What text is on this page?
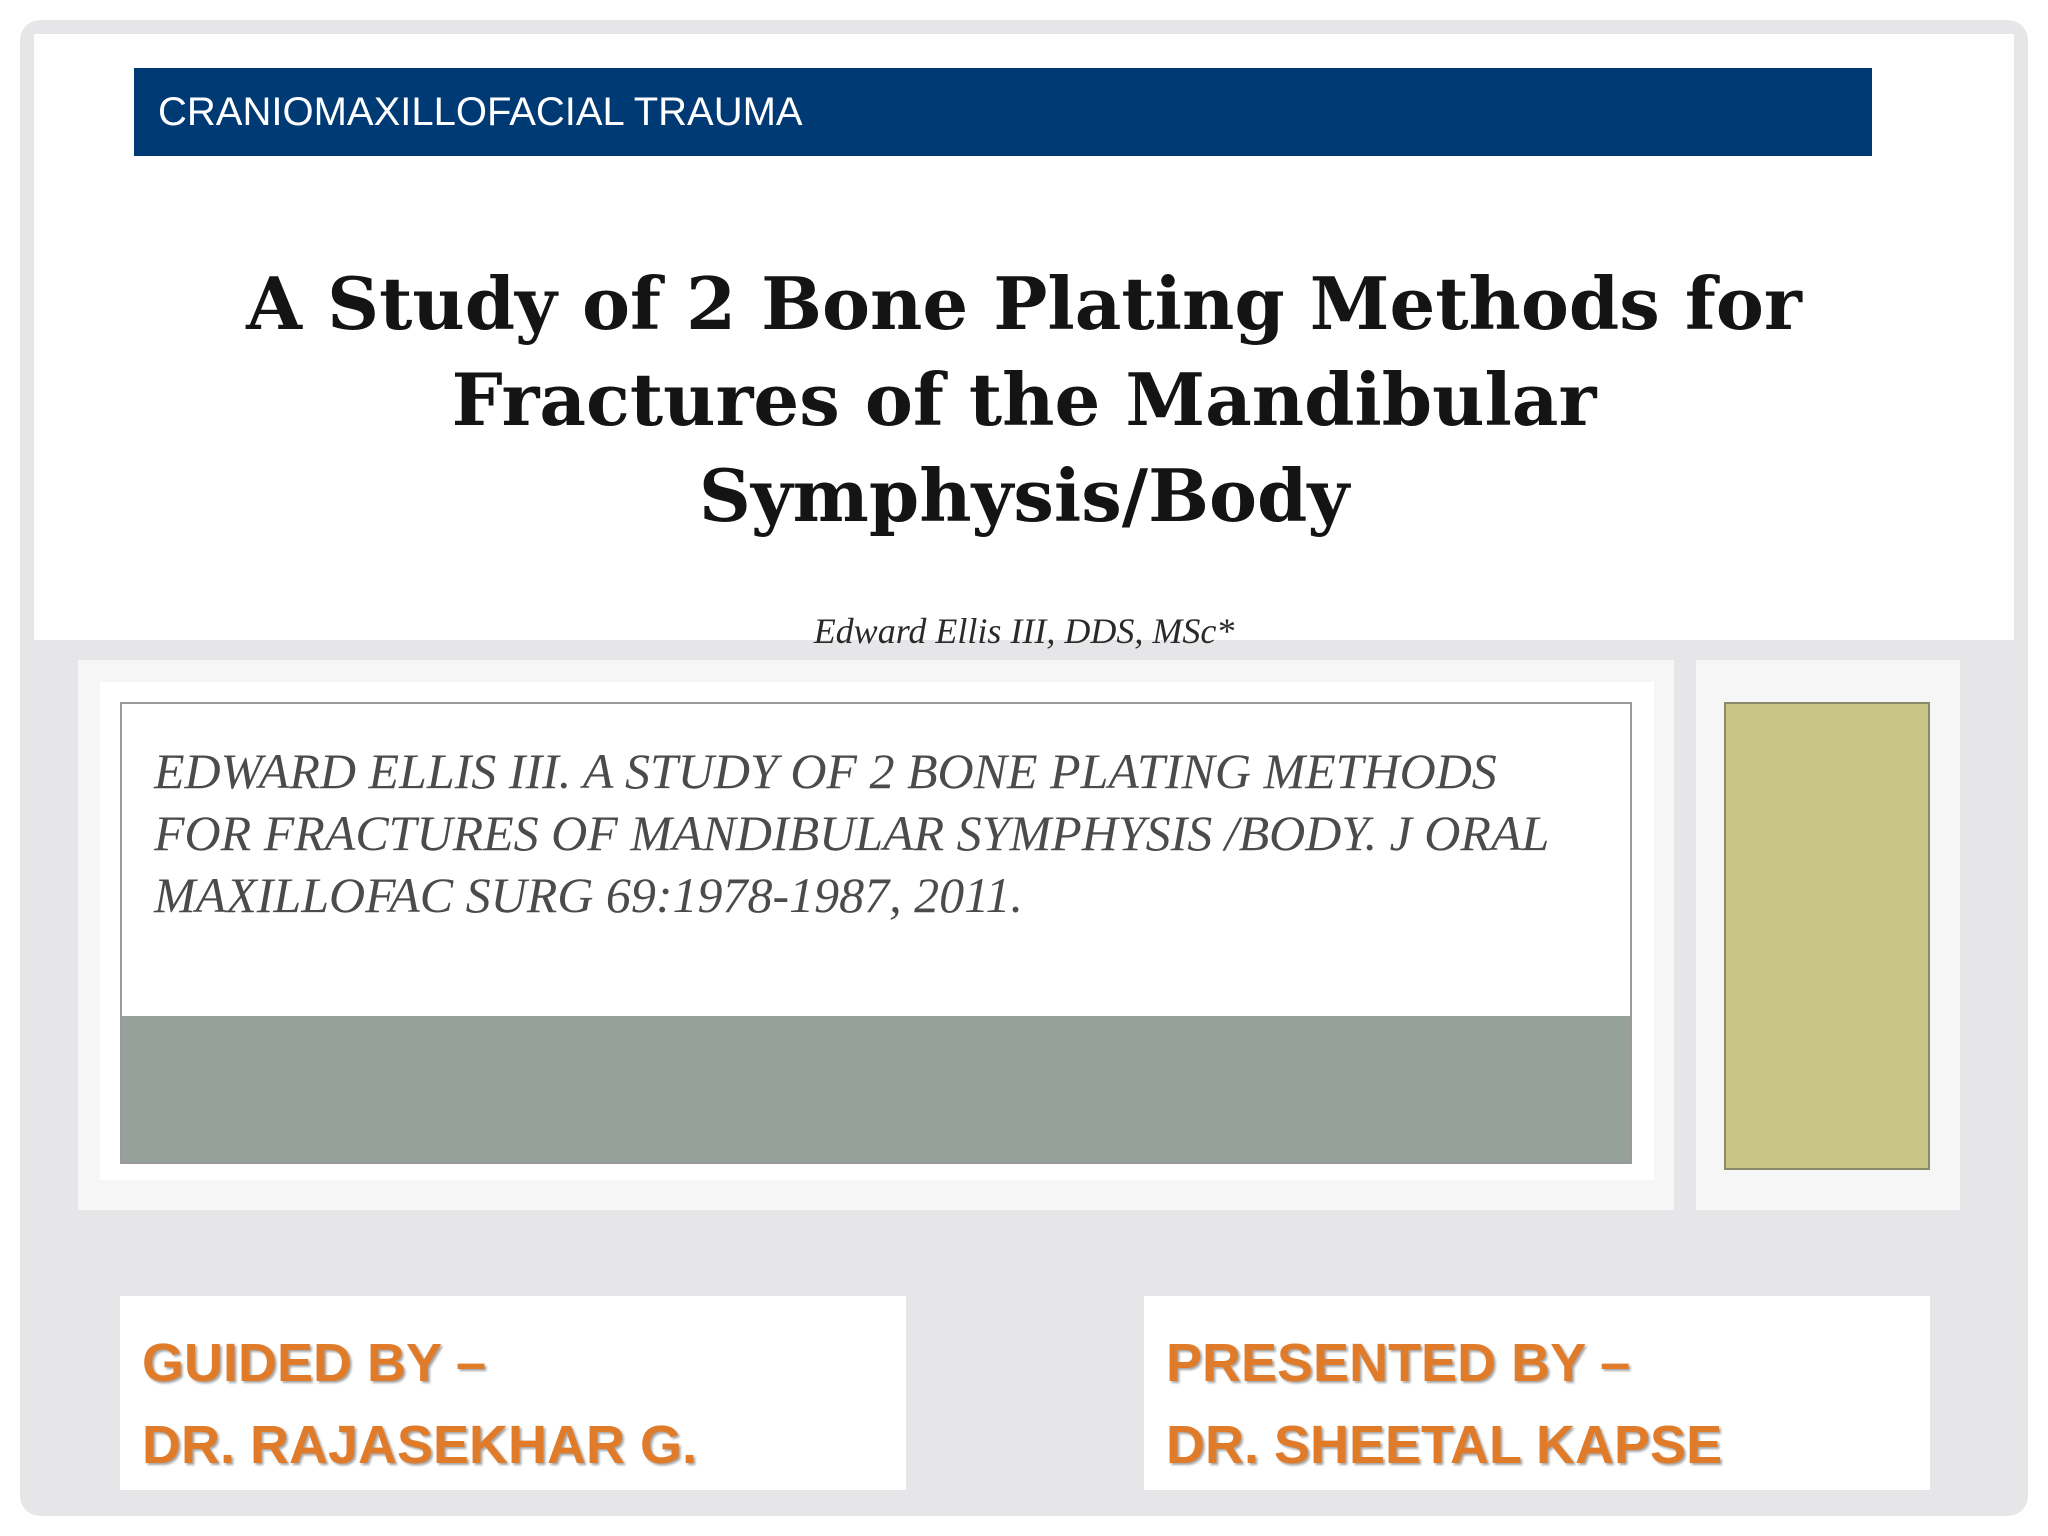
CRANIOMAXILLOFACIAL TRAUMA
A Study of 2 Bone Plating Methods for
Fractures of the Mandibular
Symphysis/Body
Edward Ellis III, DDS, MSc*
EDWARD ELLIS III. A STUDY OF 2 BONE PLATING METHODS FOR FRACTURES OF MANDIBULAR SYMPHYSIS /BODY. J ORAL MAXILLOFAC SURG 69:1978-1987, 2011.
GUIDED BY –
DR. RAJASEKHAR G.
PRESENTED BY –
DR. SHEETAL KAPSE
